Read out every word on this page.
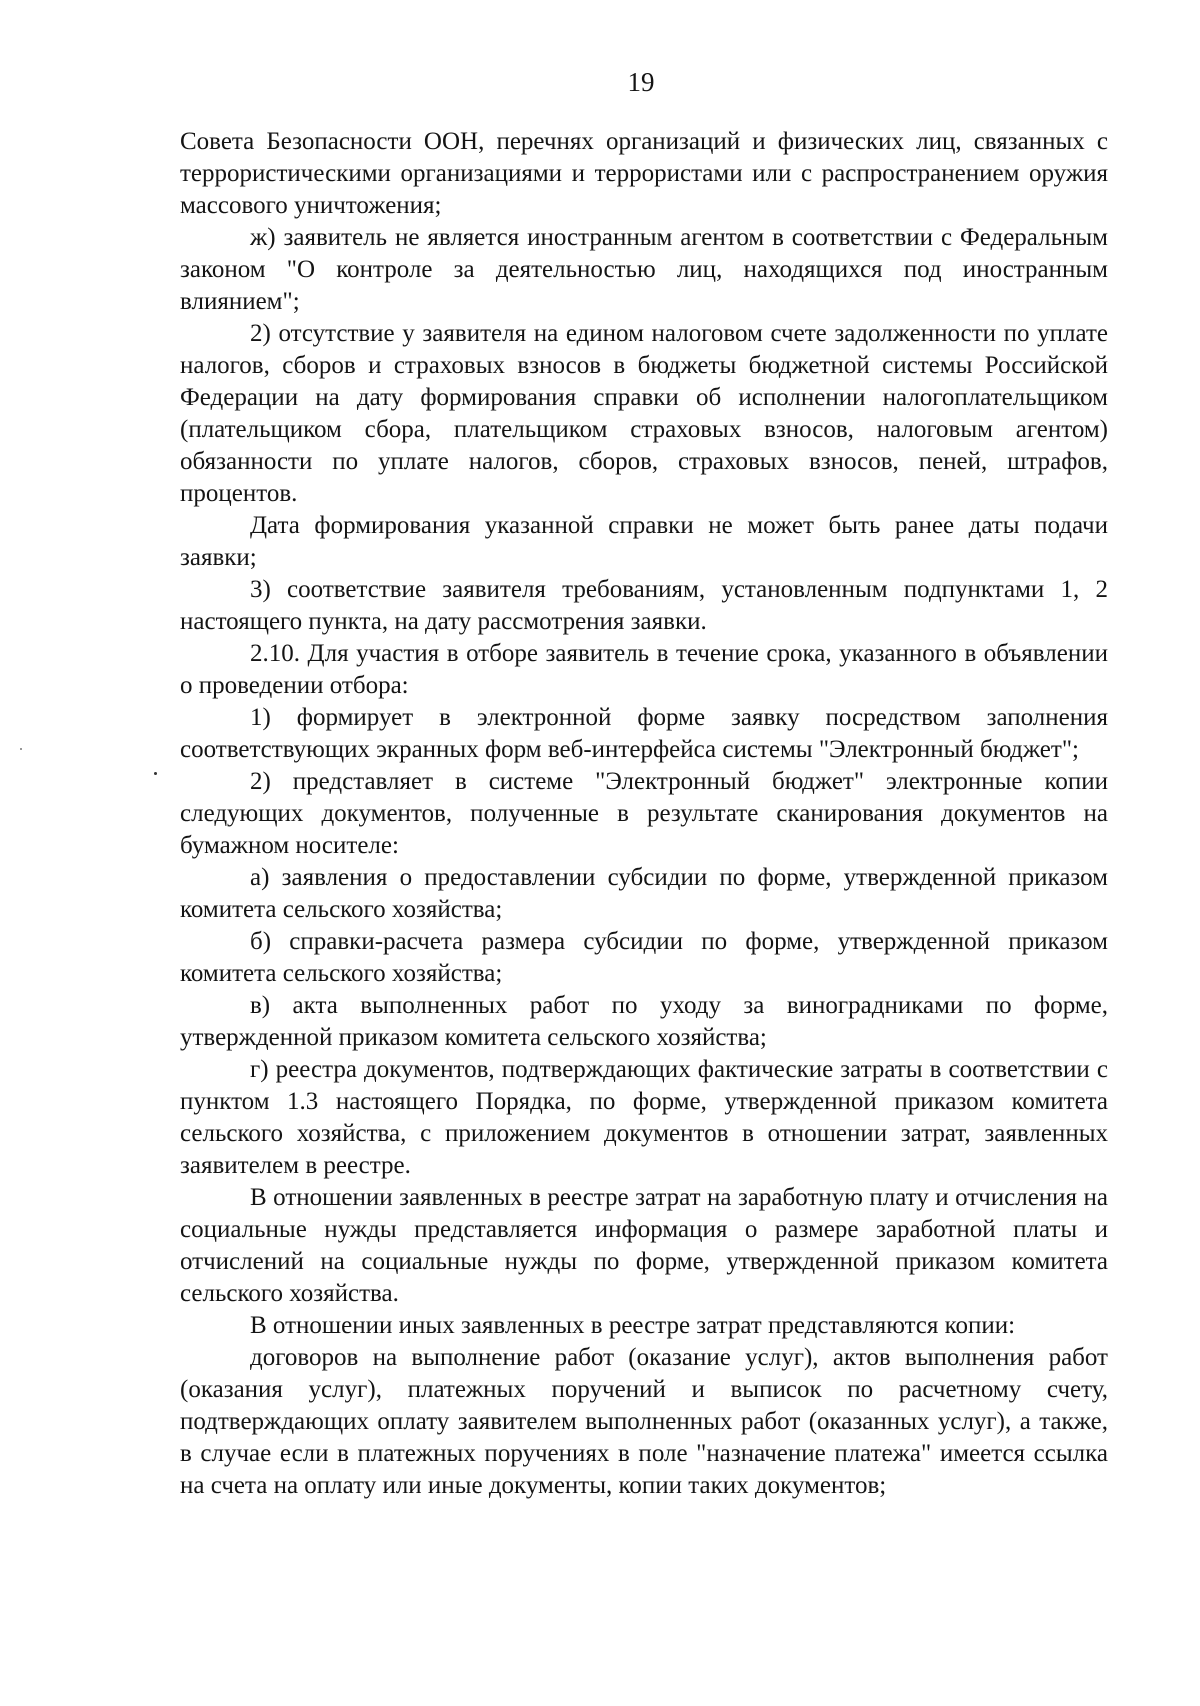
19

Совета Безопасности ООН, перечнях организаций и физических лиц, связанных с террористическими организациями и террористами или с распространением оружия массового уничтожения;

ж) заявитель не является иностранным агентом в соответствии с Федеральным законом "О контроле за деятельностью лиц, находящихся под иностранным влиянием";

2) отсутствие у заявителя на едином налоговом счете задолженности по уплате налогов, сборов и страховых взносов в бюджеты бюджетной системы Российской Федерации на дату формирования справки об исполнении налогоплательщиком (плательщиком сбора, плательщиком страховых взносов, налоговым агентом) обязанности по уплате налогов, сборов, страховых взносов, пеней, штрафов, процентов.

Дата формирования указанной справки не может быть ранее даты подачи заявки;

3) соответствие заявителя требованиям, установленным подпунктами 1, 2 настоящего пункта, на дату рассмотрения заявки.

2.10. Для участия в отборе заявитель в течение срока, указанного в объявлении о проведении отбора:

1) формирует в электронной форме заявку посредством заполнения соответствующих экранных форм веб-интерфейса системы "Электронный бюджет";

2) представляет в системе "Электронный бюджет" электронные копии следующих документов, полученные в результате сканирования документов на бумажном носителе:

а) заявления о предоставлении субсидии по форме, утвержденной приказом комитета сельского хозяйства;

б) справки-расчета размера субсидии по форме, утвержденной приказом комитета сельского хозяйства;

в) акта выполненных работ по уходу за виноградниками по форме, утвержденной приказом комитета сельского хозяйства;

г) реестра документов, подтверждающих фактические затраты в соответствии с пунктом 1.3 настоящего Порядка, по форме, утвержденной приказом комитета сельского хозяйства, с приложением документов в отношении затрат, заявленных заявителем в реестре.

В отношении заявленных в реестре затрат на заработную плату и отчисления на социальные нужды представляется информация о размере заработной платы и отчислений на социальные нужды по форме, утвержденной приказом комитета сельского хозяйства.

В отношении иных заявленных в реестре затрат представляются копии:

договоров на выполнение работ (оказание услуг), актов выполнения работ (оказания услуг), платежных поручений и выписок по расчетному счету, подтверждающих оплату заявителем выполненных работ (оказанных услуг), а также, в случае если в платежных поручениях в поле "назначение платежа" имеется ссылка на счета на оплату или иные документы, копии таких документов;
